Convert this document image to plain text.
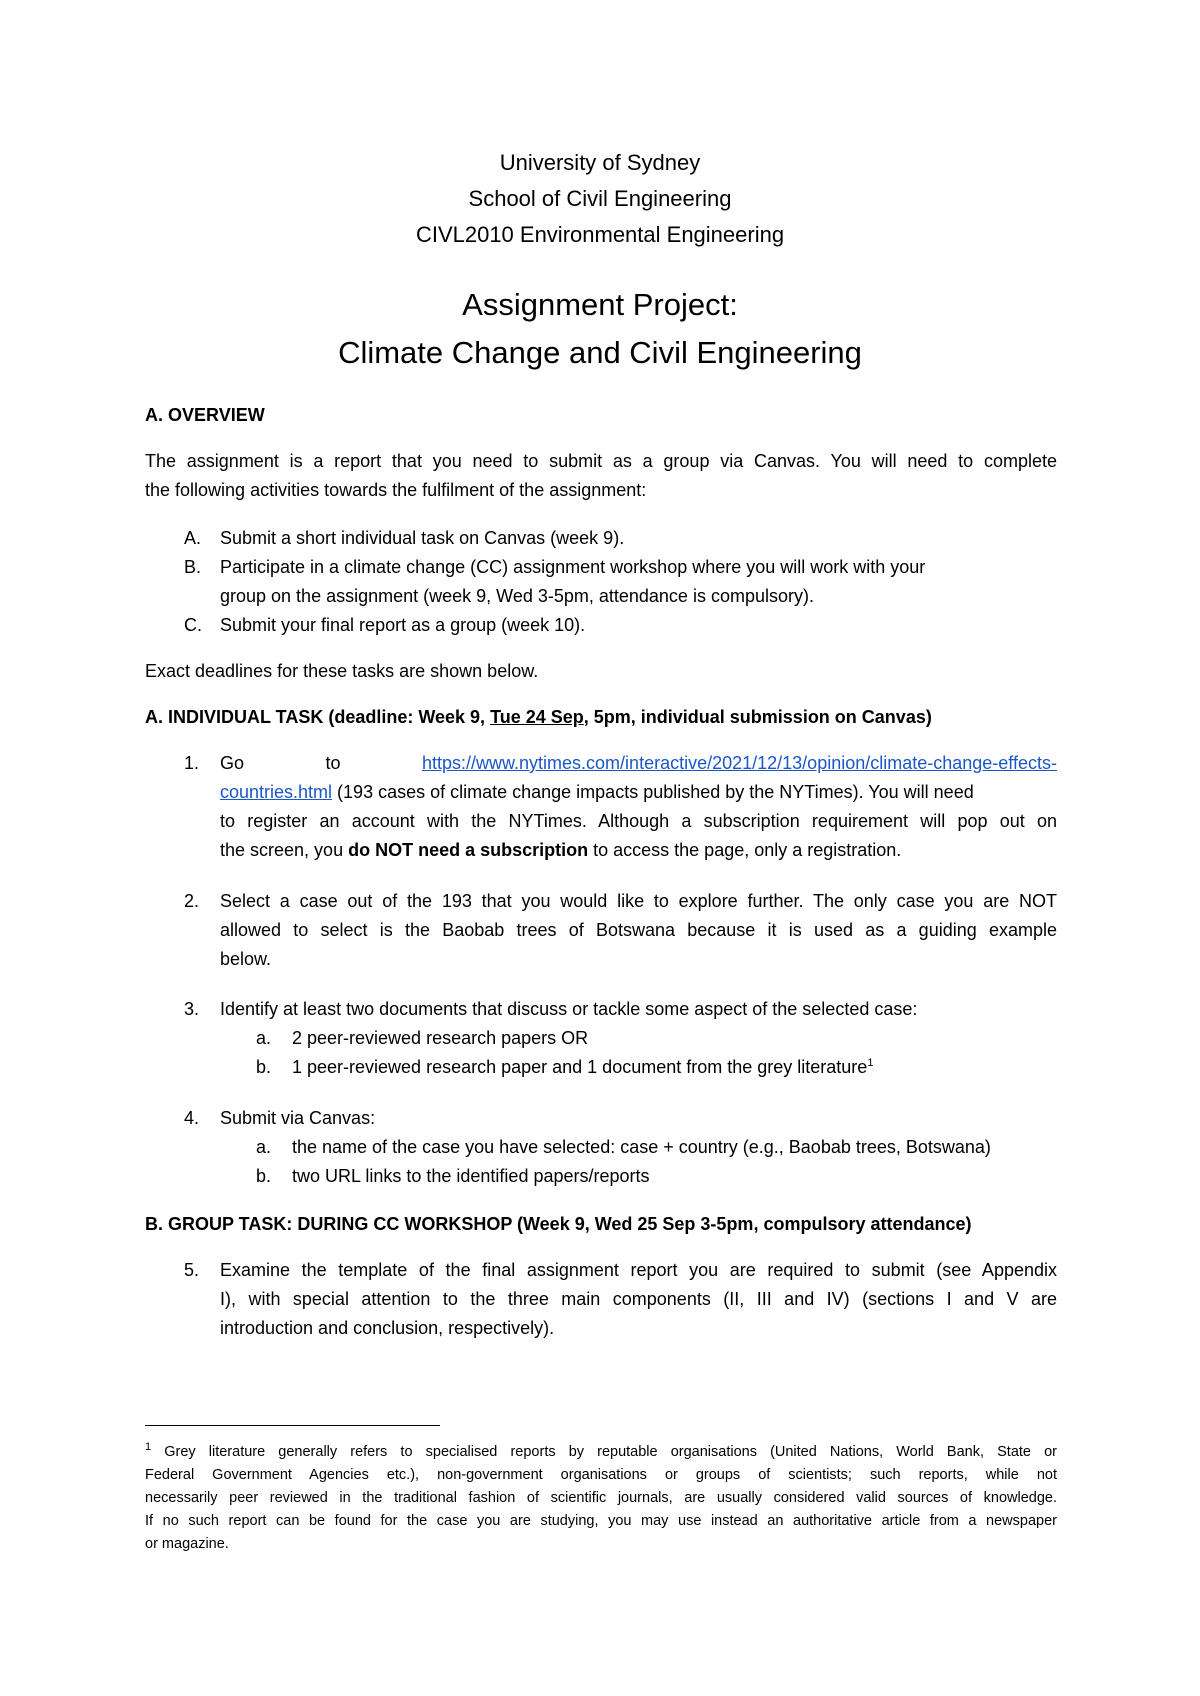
University of Sydney
School of Civil Engineering
CIVL2010 Environmental Engineering
Assignment Project:
Climate Change and Civil Engineering
A. OVERVIEW
The assignment is a report that you need to submit as a group via Canvas. You will need to complete
the following activities towards the fulfilment of the assignment:
A. Submit a short individual task on Canvas (week 9).
B. Participate in a climate change (CC) assignment workshop where you will work with your
group on the assignment (week 9, Wed 3-5pm, attendance is compulsory).
C. Submit your final report as a group (week 10).
Exact deadlines for these tasks are shown below.
A. INDIVIDUAL TASK (deadline: Week 9, Tue 24 Sep, 5pm, individual submission on Canvas)
1. Go	to	https://www.nytimes.com/interactive/2021/12/13/opinion/climate-change-effects-
countries.html (193 cases of climate change impacts published by the NYTimes). You will need
to register an account with the NYTimes. Although a subscription requirement will pop out on
the screen, you do NOT need a subscription to access the page, only a registration.
2. Select a case out of the 193 that you would like to explore further. The only case you are NOT
allowed to select is the Baobab trees of Botswana because it is used as a guiding example
below.
3. Identify at least two documents that discuss or tackle some aspect of the selected case:
a. 2 peer-reviewed research papers OR
b. 1 peer-reviewed research paper and 1 document from the grey literature$^1$
4. Submit via Canvas:
a. the name of the case you have selected: case + country (e.g., Baobab trees, Botswana)
b. two URL links to the identified papers/reports
B. GROUP TASK: DURING CC WORKSHOP (Week 9, Wed 25 Sep 3-5pm, compulsory attendance)
5. Examine the template of the final assignment report you are required to submit (see Appendix
I), with special attention to the three main components (II, III and IV) (sections I and V are
introduction and conclusion, respectively).
$^1$ Grey literature generally refers to specialised reports by reputable organisations (United Nations, World Bank, State or
Federal Government Agencies etc.), non-government organisations or groups of scientists; such reports, while not
necessarily peer reviewed in the traditional fashion of scientific journals, are usually considered valid sources of knowledge.
If no such report can be found for the case you are studying, you may use instead an authoritative article from a newspaper
or magazine.
